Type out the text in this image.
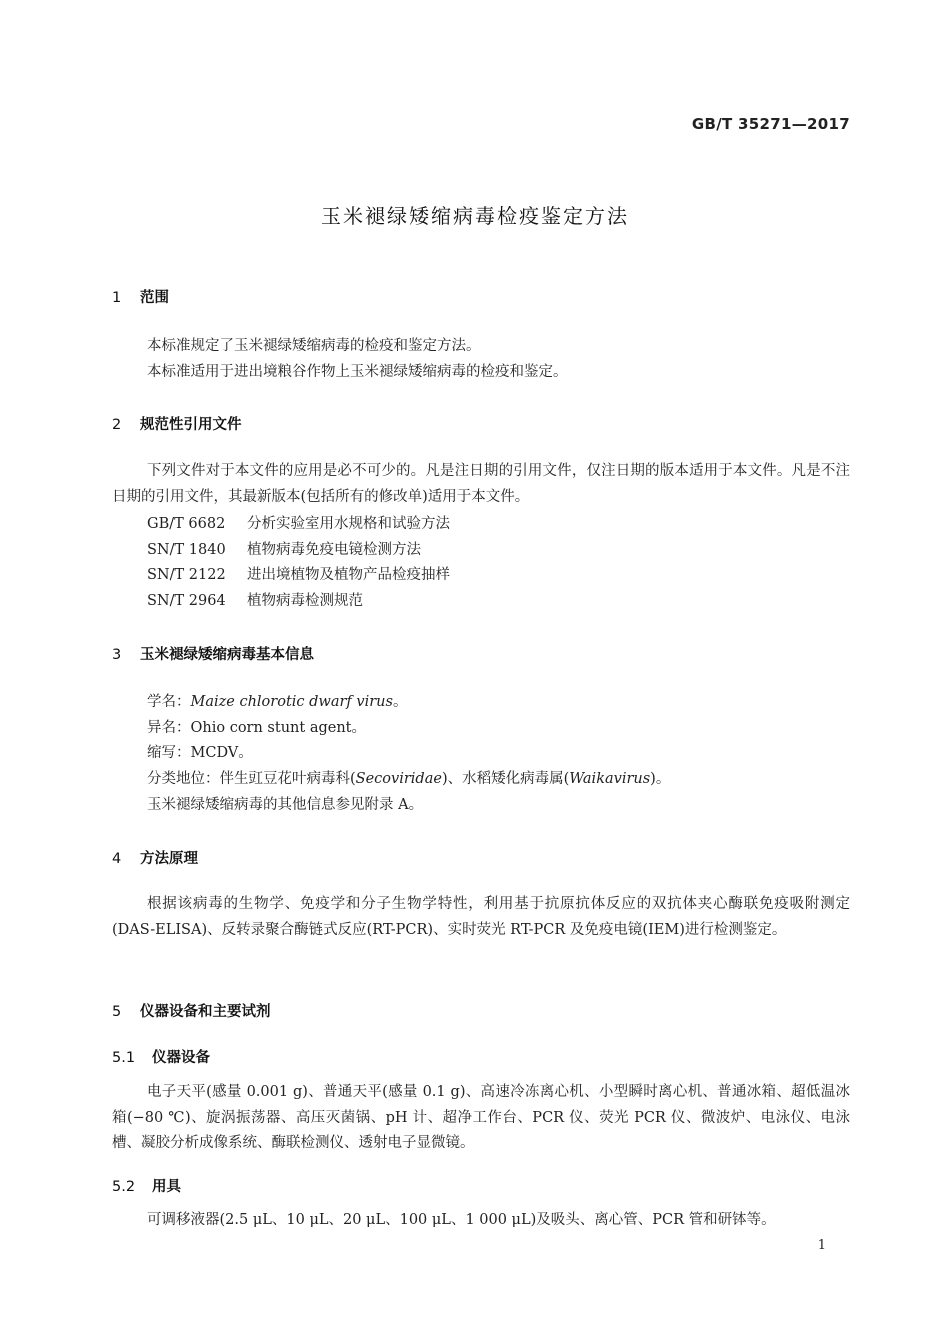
GB/T 35271—2017
玉米褪绿矮缩病毒检疫鉴定方法
1 范围
本标准规定了玉米褪绿矮缩病毒的检疫和鉴定方法。
本标准适用于进出境粮谷作物上玉米褪绿矮缩病毒的检疫和鉴定。
2 规范性引用文件
下列文件对于本文件的应用是必不可少的。凡是注日期的引用文件，仅注日期的版本适用于本文件。凡是不注日期的引用文件，其最新版本(包括所有的修改单)适用于本文件。
GB/T 6682 分析实验室用水规格和试验方法
SN/T 1840 植物病毒免疫电镜检测方法
SN/T 2122 进出境植物及植物产品检疫抽样
SN/T 2964 植物病毒检测规范
3 玉米褪绿矮缩病毒基本信息
学名：Maize chlorotic dwarf virus。
异名：Ohio corn stunt agent。
缩写：MCDV。
分类地位：伴生豇豆花叶病毒科(Secoviridae)、水稻矮化病毒属(Waikavirus)。
玉米褪绿矮缩病毒的其他信息参见附录 A。
4 方法原理
根据该病毒的生物学、免疫学和分子生物学特性，利用基于抗原抗体反应的双抗体夹心酶联免疫吸附测定(DAS-ELISA)、反转录聚合酶链式反应(RT-PCR)、实时荧光 RT-PCR 及免疫电镜(IEM)进行检测鉴定。
5 仪器设备和主要试剂
5.1 仪器设备
电子天平(感量 0.001 g)、普通天平(感量 0.1 g)、高速冷冻离心机、小型瞬时离心机、普通冰箱、超低温冰箱(−80 ℃)、旋涡振荡器、高压灭菌锅、pH 计、超净工作台、PCR 仪、荧光 PCR 仪、微波炉、电泳仪、电泳槽、凝胶分析成像系统、酶联检测仪、透射电子显微镜。
5.2 用具
可调移液器(2.5 μL、10 μL、20 μL、100 μL、1 000 μL)及吸头、离心管、PCR 管和研钵等。
1
